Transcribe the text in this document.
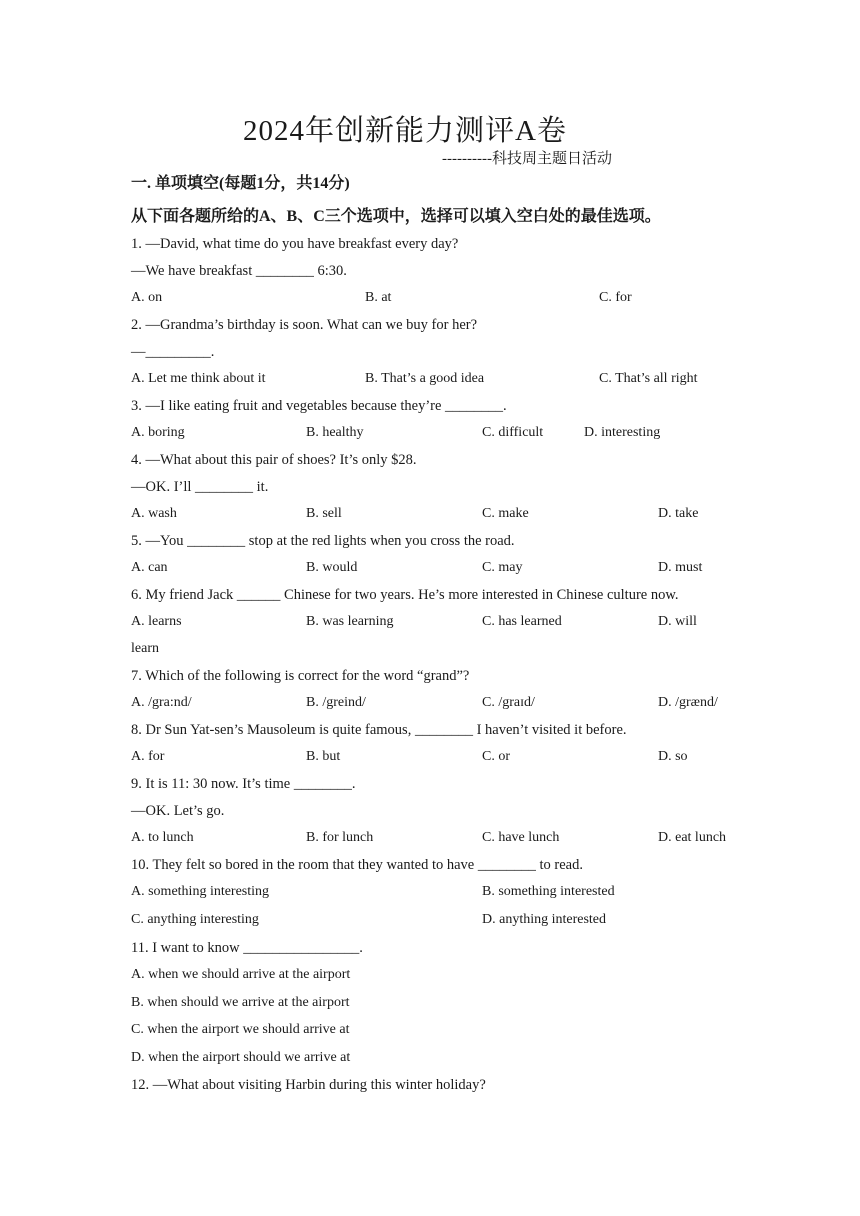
2024年创新能力测评A卷
----------科技周主题日活动
一. 单项填空(每题1分，共14分)
从下面各题所给的A、B、C三个选项中，选择可以填入空白处的最佳选项。
1. —David, what time do you have breakfast every day?
—We have breakfast ________ 6:30.
A. on	B. at	C. for
2. —Grandma’s birthday is soon. What can we buy for her?
—_________.
A. Let me think about it	B. That’s a good idea	C. That’s all right
3. —I like eating fruit and vegetables because they’re ________.
A. boring	B. healthy	C. difficult	D. interesting
4. —What about this pair of shoes? It’s only $28.
—OK. I’ll ________ it.
A. wash	B. sell	C. make	D. take
5. —You ________ stop at the red lights when you cross the road.
A. can	B. would	C. may	D. must
6. My friend Jack ______ Chinese for two years. He’s more interested in Chinese culture now.
A. learns	B. was learning	C. has learned	D. will
learn
7. Which of the following is correct for the word “grand”?
A. /gra:nd/	B. /greind/	C. /graɪd/	D. /grænd/
8. Dr Sun Yat-sen’s Mausoleum is quite famous, ________ I haven’t visited it before.
A. for	B. but	C. or	D. so
9. It is 11: 30 now. It’s time ________.
—OK. Let’s go.
A. to lunch	B. for lunch	C. have lunch	D. eat lunch
10. They felt so bored in the room that they wanted to have ________ to read.
A. something interesting	B. something interested
C. anything interesting	D. anything interested
11. I want to know ________________.
A. when we should arrive at the airport
B. when should we arrive at the airport
C. when the airport we should arrive at
D. when the airport should we arrive at
12. —What about visiting Harbin during this winter holiday?
